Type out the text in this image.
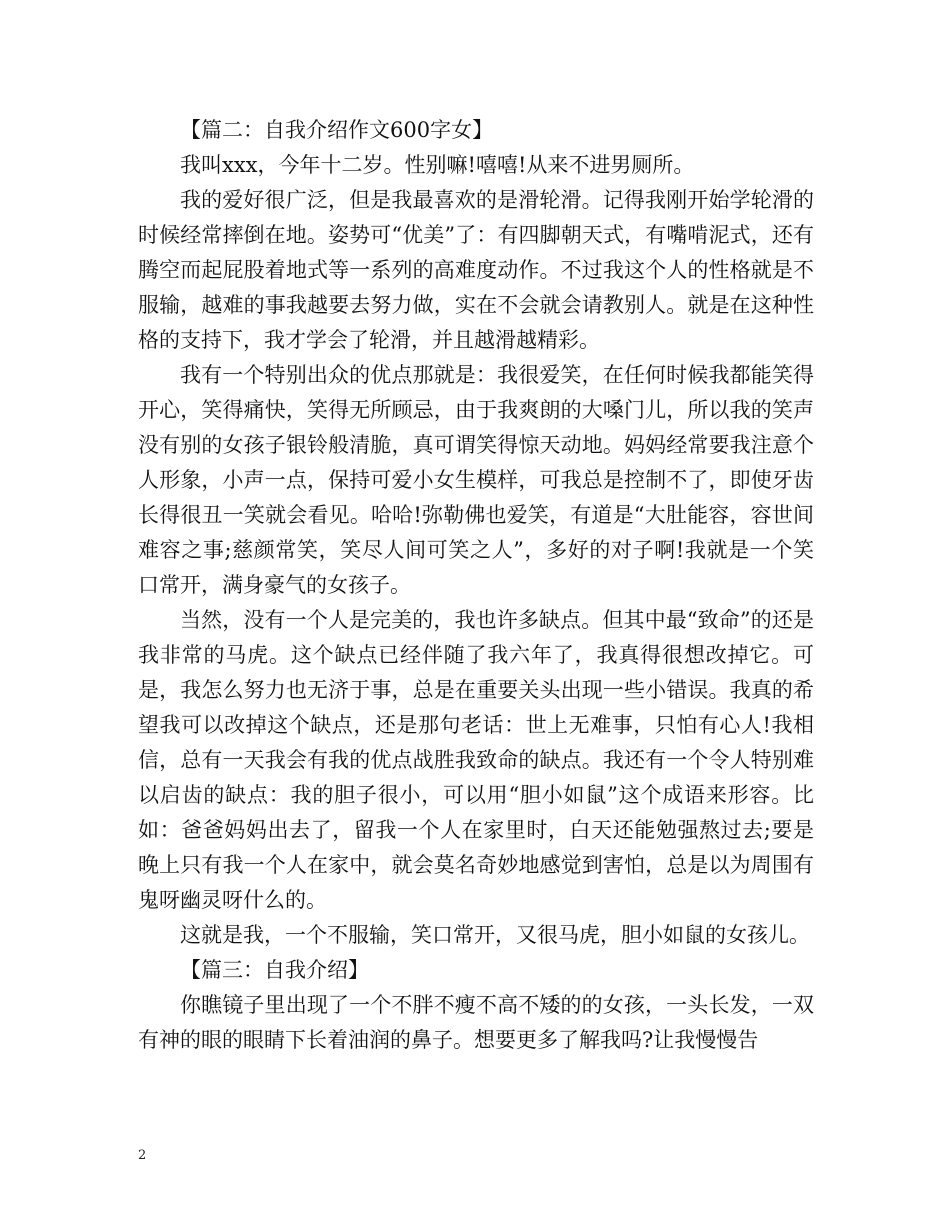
【篇二：自我介绍作文600字女】

我叫xxx，今年十二岁。性别嘛!嘻嘻!从来不进男厕所。

我的爱好很广泛，但是我最喜欢的是滑轮滑。记得我刚开始学轮滑的时候经常摔倒在地。姿势可“优美”了：有四脚朝天式，有嘴啃泥式，还有腾空而起屁股着地式等一系列的高难度动作。不过我这个人的性格就是不服输，越难的事我越要去努力做，实在不会就会请教别人。就是在这种性格的支持下，我才学会了轮滑，并且越滑越精彩。

我有一个特别出众的优点那就是：我很爱笑，在任何时候我都能笑得开心，笑得痛快，笑得无所顾忌，由于我爽朗的大嗓门儿，所以我的笑声没有别的女孩子银铃般清脆，真可谓笑得惊天动地。妈妈经常要我注意个人形象，小声一点，保持可爱小女生模样，可我总是控制不了，即使牙齿长得很丑一笑就会看见。哈哈!弥勒佛也爱笑，有道是“大肚能容，容世间难容之事;慈颜常笑，笑尽人间可笑之人”，多好的对子啊!我就是一个笑口常开，满身豪气的女孩子。

当然，没有一个人是完美的，我也许多缺点。但其中最“致命”的还是我非常的马虎。这个缺点已经伴随了我六年了，我真得很想改掉它。可是，我怎么努力也无济于事，总是在重要关头出现一些小错误。我真的希望我可以改掉这个缺点，还是那句老话：世上无难事，只怕有心人!我相信，总有一天我会有我的优点战胜我致命的缺点。我还有一个令人特别难以启齿的缺点：我的胆子很小，可以用“胆小如鼠”这个成语来形容。比如：爸爸妈妈出去了，留我一个人在家里时，白天还能勉强熬过去;要是晚上只有我一个人在家中，就会莫名奇妙地感觉到害怕，总是以为周围有鬼呀幽灵呀什么的。

这就是我，一个不服输，笑口常开，又很马虎，胆小如鼠的女孩儿。

【篇三：自我介绍】

你瞧镜子里出现了一个不胖不瘦不高不矮的的女孩，一头长发，一双有神的眼的眼睛下长着油润的鼻子。想要更多了解我吗?让我慢慢告

2
